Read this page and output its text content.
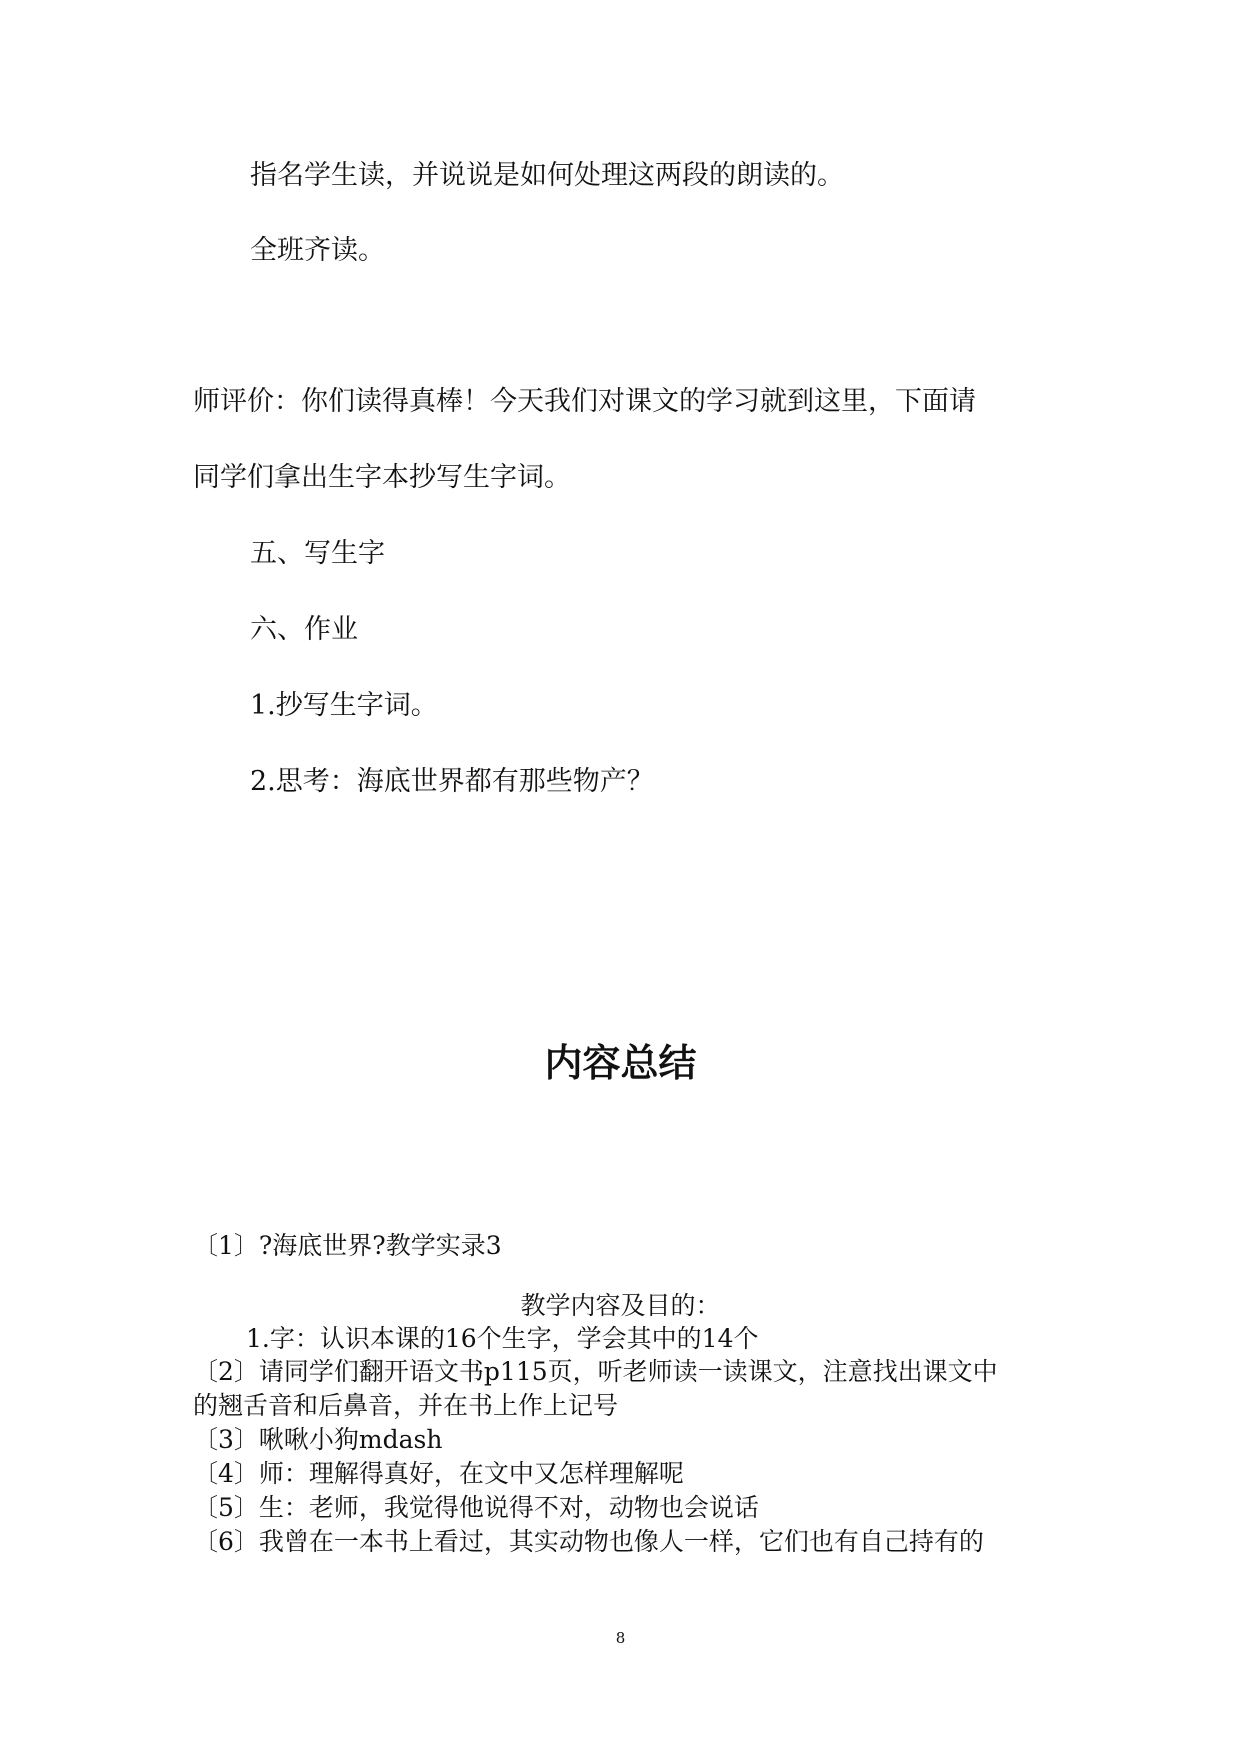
指名学生读，并说说是如何处理这两段的朗读的。
全班齐读。
师评价：你们读得真棒！今天我们对课文的学习就到这里，下面请
同学们拿出生字本抄写生字词。
五、写生字
六、作业
1.抄写生字词。
2.思考：海底世界都有那些物产？
内容总结
〔1〕?海底世界?教学实录3
教学内容及目的：
1.字：认识本课的16个生字，学会其中的14个
〔2〕请同学们翻开语文书p115页，听老师读一读课文，注意找出课文中
的翘舌音和后鼻音，并在书上作上记号
〔3〕啾啾小狗mdash
〔4〕师：理解得真好，在文中又怎样理解呢
〔5〕生：老师，我觉得他说得不对，动物也会说话
〔6〕我曾在一本书上看过，其实动物也像人一样，它们也有自己持有的
8
